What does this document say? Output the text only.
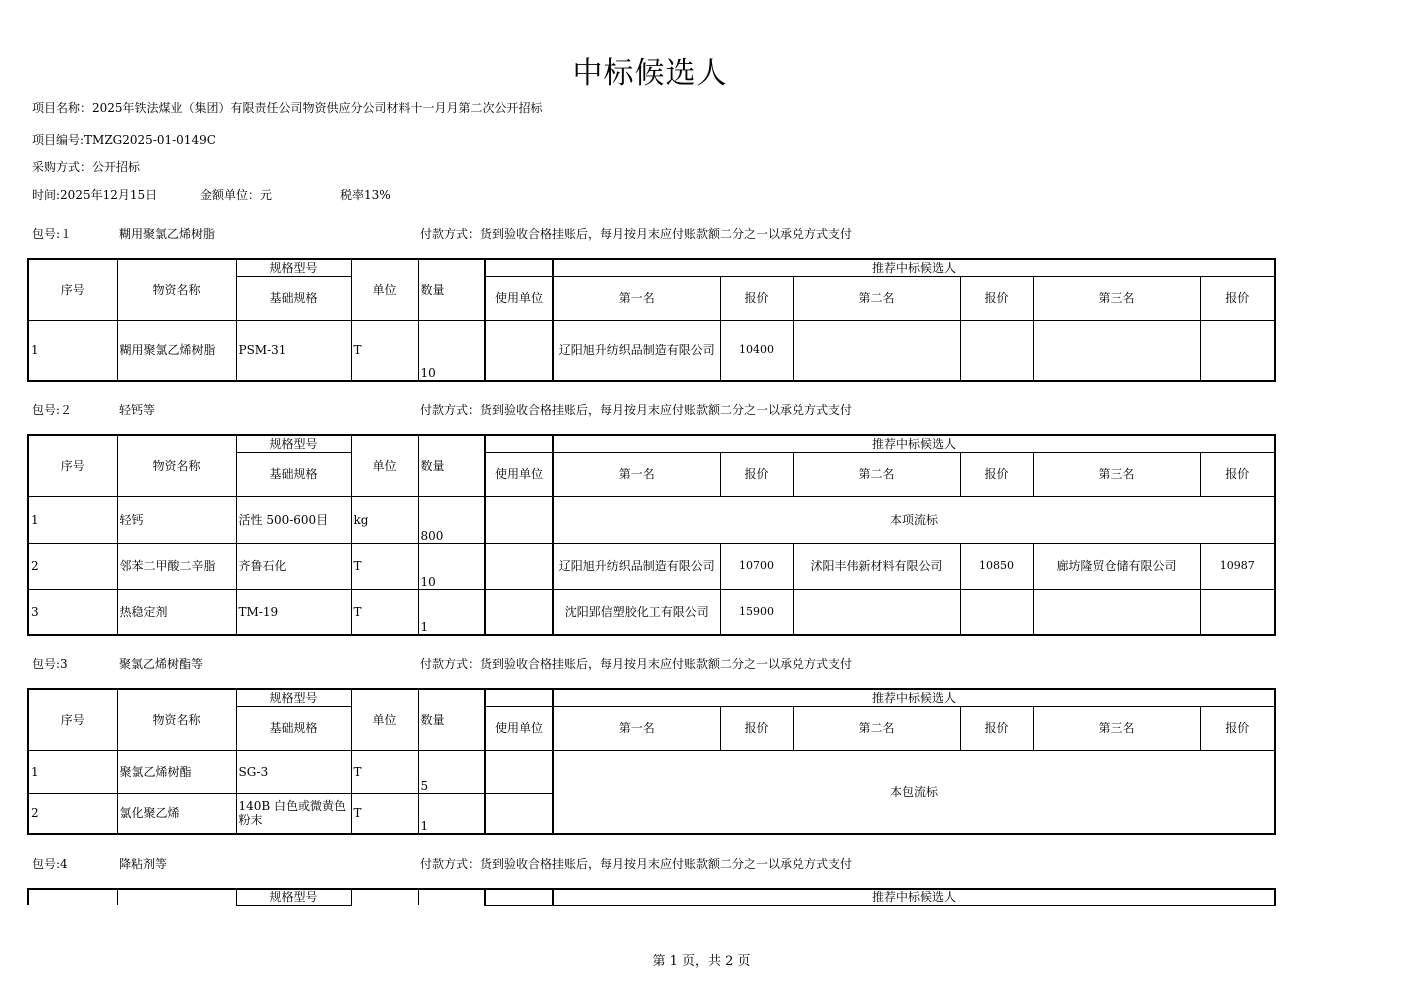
中标候选人
项目名称：2025年铁法煤业（集团）有限责任公司物资供应分公司材料十一月月第二次公开招标
项目编号:TMZG2025-01-0149C
采购方式：公开招标
时间:2025年12月15日	金额单位：元	税率13%
包号:１	糊用聚氯乙烯树脂	付款方式：货到验收合格挂账后，每月按月末应付账款额二分之一以承兑方式支付
序号	物资名称	规格型号	单位	数量		推荐中标候选人					
		基础规格			使用单位	第一名	报价	第二名	报价	第三名	报价
1	糊用聚氯乙烯树脂	PSM-31	T	10		辽阳旭升纺织品制造有限公司	10400				
包号:２	轻钙等	付款方式：货到验收合格挂账后，每月按月末应付账款额二分之一以承兑方式支付
序号	物资名称	规格型号	单位	数量		推荐中标候选人					
		基础规格			使用单位	第一名	报价	第二名	报价	第三名	报价
1	轻钙	活性 500-600目	kg	800		本项流标					
2	邻苯二甲酸二辛脂	齐鲁石化	T	10		辽阳旭升纺织品制造有限公司	10700	沭阳丰伟新材料有限公司	10850	廊坊隆贸仓储有限公司	10987
3	热稳定剂	TM-19	T	1		沈阳郢信塑胶化工有限公司	15900				
包号:3	聚氯乙烯树酯等	付款方式：货到验收合格挂账后，每月按月末应付账款额二分之一以承兑方式支付
序号	物资名称	规格型号	单位	数量		推荐中标候选人					
		基础规格			使用单位	第一名	报价	第二名	报价	第三名	报价
1	聚氯乙烯树酯	SG-3	T	5		本包流标					
2	氯化聚乙烯	140B 白色或微黄色粉末	T	1							
包号:4	降粘剂等	付款方式：货到验收合格挂账后，每月按月末应付账款额二分之一以承兑方式支付
		规格型号				推荐中标候选人
第 1 页，共 2 页
